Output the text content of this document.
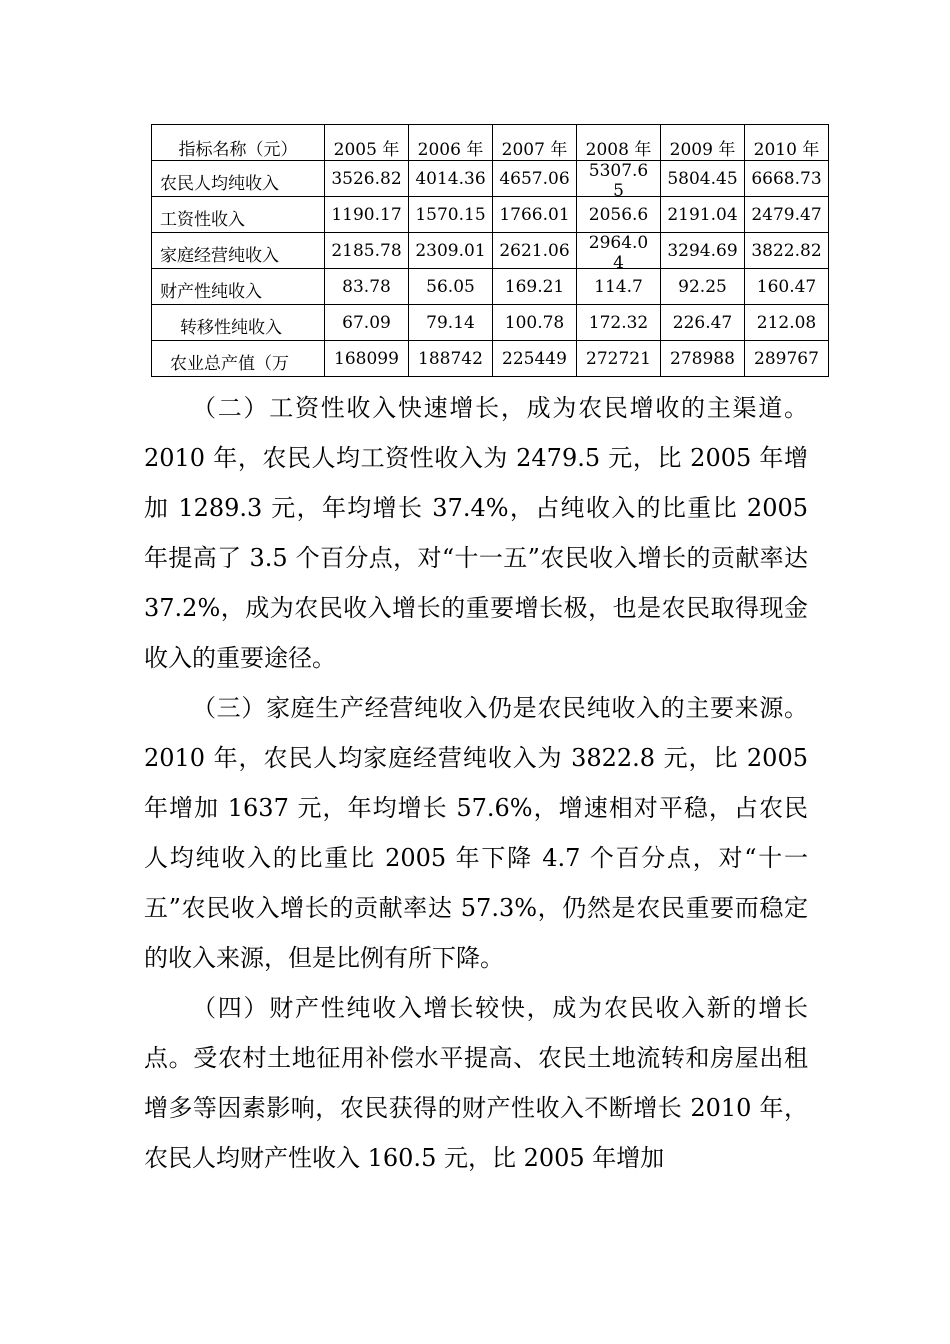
指标名称（元）	2005 年	2006 年	2007 年	2008 年	2009 年	2010 年

农民人均纯收入	3526.82	4014.36	4657.06	5307.65	5804.45	6668.73

工资性收入	1190.17	1570.15	1766.01	2056.6	2191.04	2479.47

家庭经营纯收入	2185.78	2309.01	2621.06	2964.04	3294.69	3822.82

财产性纯收入	83.78	56.05	169.21	114.7	92.25	160.47

转移性纯收入	67.09	79.14	100.78	172.32	226.47	212.08

农业总产值（万	168099	188742	225449	272721	278988	289767

（二）工资性收入快速增长，成为农民增收的主渠道。2010 年，农民人均工资性收入为 2479.5 元，比 2005 年增加 1289.3 元，年均增长 37.4%，占纯收入的比重比 2005 年提高了 3.5 个百分点，对“十一五”农民收入增长的贡献率达 37.2%，成为农民收入增长的重要增长极，也是农民取得现金收入的重要途径。

（三）家庭生产经营纯收入仍是农民纯收入的主要来源。2010 年，农民人均家庭经营纯收入为 3822.8 元，比 2005 年增加 1637 元，年均增长 57.6%，增速相对平稳，占农民人均纯收入的比重比 2005 年下降 4.7 个百分点，对“十一五”农民收入增长的贡献率达 57.3%，仍然是农民重要而稳定的收入来源，但是比例有所下降。

（四）财产性纯收入增长较快，成为农民收入新的增长点。受农村土地征用补偿水平提高、农民土地流转和房屋出租增多等因素影响，农民获得的财产性收入不断增长 2010 年，农民人均财产性收入 160.5 元，比 2005 年增加
